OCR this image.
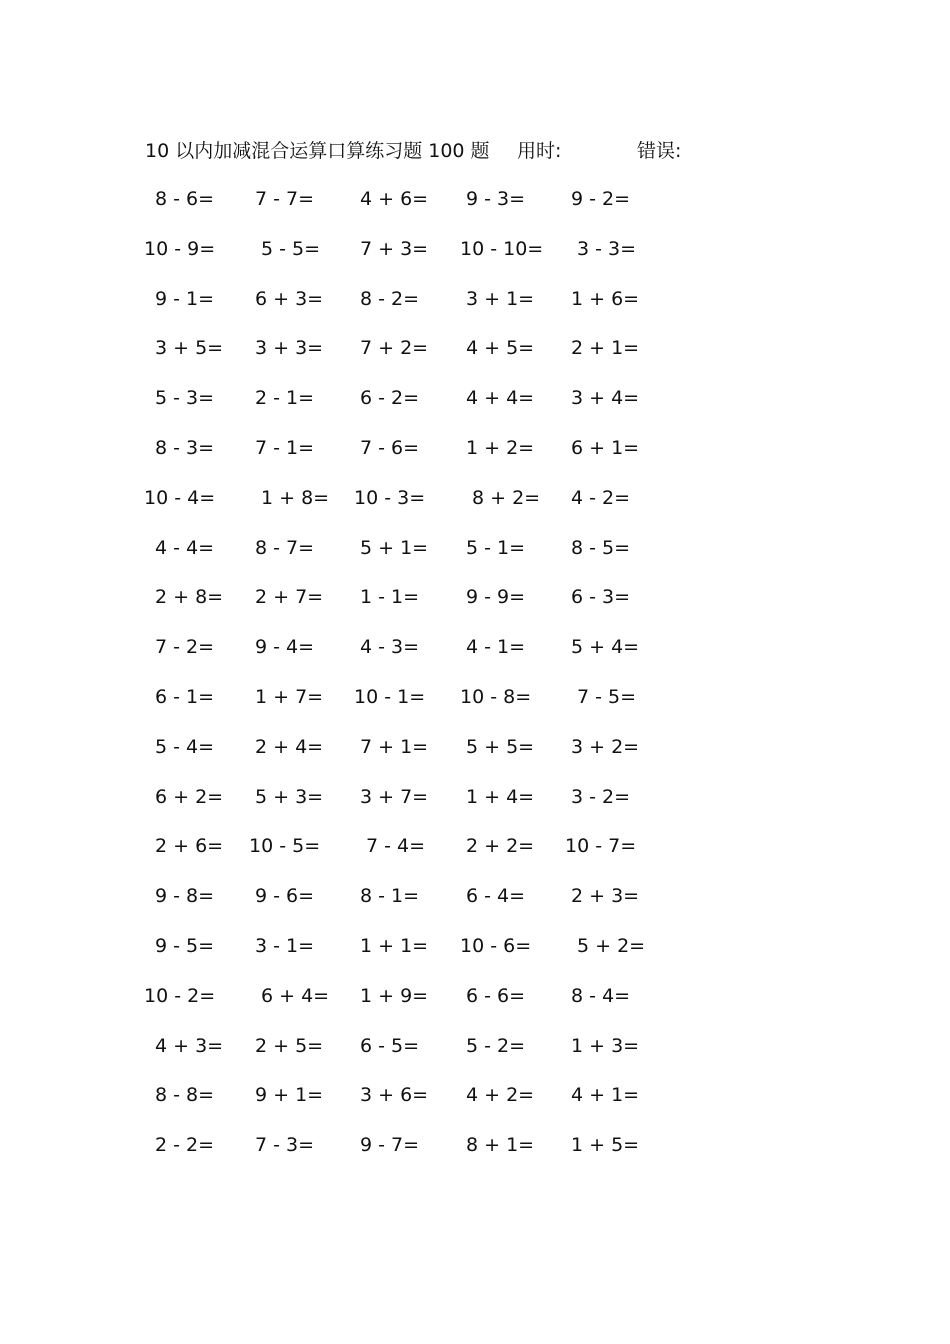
10 以内加减混合运算口算练习题 100 题 用时:	错误:
8 - 6= 7 - 7= 4 + 6= 9 - 3= 9 - 2=
10 - 9= 5 - 5= 7 + 3= 10 - 10= 3 - 3=
9 - 1= 6 + 3= 8 - 2= 3 + 1= 1 + 6=
3 + 5= 3 + 3= 7 + 2= 4 + 5= 2 + 1=
5 - 3= 2 - 1= 6 - 2= 4 + 4= 3 + 4=
8 - 3= 7 - 1= 7 - 6= 1 + 2= 6 + 1=
10 - 4= 1 + 8= 10 - 3= 8 + 2= 4 - 2=
4 - 4= 8 - 7= 5 + 1= 5 - 1= 8 - 5=
2 + 8= 2 + 7= 1 - 1= 9 - 9= 6 - 3=
7 - 2= 9 - 4= 4 - 3= 4 - 1= 5 + 4=
6 - 1= 1 + 7= 10 - 1= 10 - 8= 7 - 5=
5 - 4= 2 + 4= 7 + 1= 5 + 5= 3 + 2=
6 + 2= 5 + 3= 3 + 7= 1 + 4= 3 - 2=
2 + 6= 10 - 5= 7 - 4= 2 + 2= 10 - 7=
9 - 8= 9 - 6= 8 - 1= 6 - 4= 2 + 3=
9 - 5= 3 - 1= 1 + 1= 10 - 6= 5 + 2=
10 - 2= 6 + 4= 1 + 9= 6 - 6= 8 - 4=
4 + 3= 2 + 5= 6 - 5= 5 - 2= 1 + 3=
8 - 8= 9 + 1= 3 + 6= 4 + 2= 4 + 1=
2 - 2= 7 - 3= 9 - 7= 8 + 1= 1 + 5=
